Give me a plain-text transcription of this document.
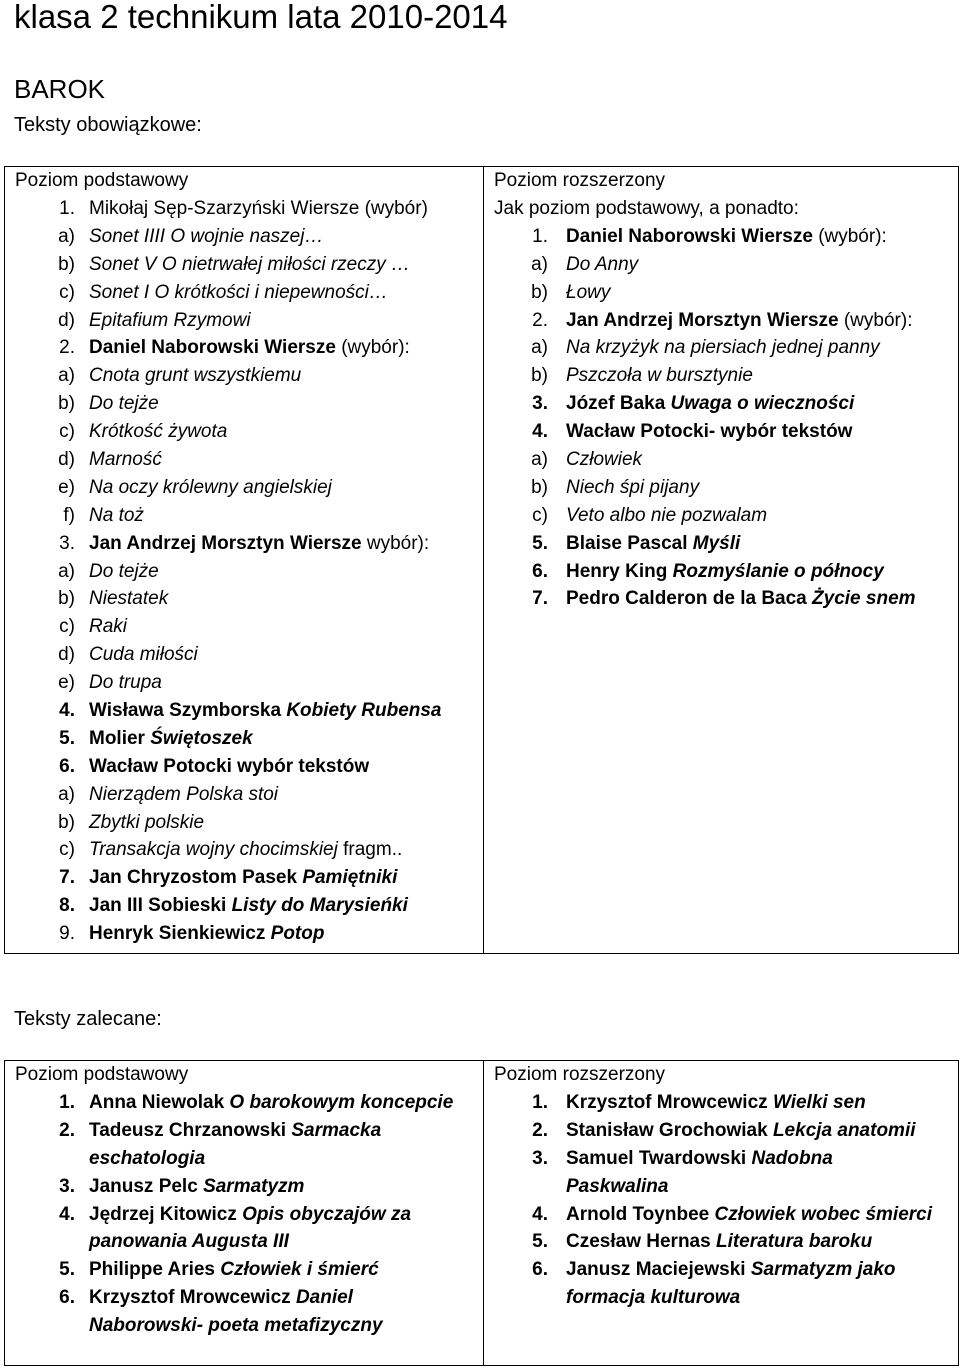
klasa 2 technikum lata 2010-2014
BAROK
Teksty obowiązkowe:
Poziom podstawowy
1. Mikołaj Sęp-Szarzyński Wiersze (wybór)
a) Sonet IIII O wojnie naszej…
b) Sonet V O nietrwałej miłości rzeczy …
c) Sonet I O krótkości i niepewności…
d) Epitafium Rzymowi
2. Daniel Naborowski Wiersze (wybór):
a) Cnota grunt wszystkiemu
b) Do tejże
c) Krótkość żywota
d) Marność
e) Na oczy królewny angielskiej
f) Na toż
3. Jan Andrzej Morsztyn Wiersze wybór):
a) Do tejże
b) Niestatek
c) Raki
d) Cuda miłości
e) Do trupa
4. Wisława Szymborska Kobiety Rubensa
5. Molier Świętoszek
6. Wacław Potocki wybór tekstów
a) Nierządem Polska stoi
b) Zbytki polskie
c) Transakcja wojny chocimskiej fragm..
7. Jan Chryzostom Pasek Pamiętniki
8. Jan III Sobieski Listy do Marysieńki
9. Henryk Sienkiewicz Potop

Poziom rozszerzony
Jak poziom podstawowy, a ponadto:
1. Daniel Naborowski Wiersze (wybór):
a) Do Anny
b) Łowy
2. Jan Andrzej Morsztyn Wiersze (wybór):
a) Na krzyżyk na piersiach jednej panny
b) Pszczoła w bursztynie
3. Józef Baka Uwaga o wieczności
4. Wacław Potocki- wybór tekstów
a) Człowiek
b) Niech śpi pijany
c) Veto albo nie pozwalam
5. Blaise Pascal Myśli
6. Henry King Rozmyślanie o północy
7. Pedro Calderon de la Baca Życie snem
Teksty zalecane:
Poziom podstawowy
1. Anna Niewolak O barokowym koncepcie
2. Tadeusz Chrzanowski Sarmacka
eschatologia
3. Janusz Pelc Sarmatyzm
4. Jędrzej Kitowicz Opis obyczajów za
panowania Augusta III
5. Philippe Aries Człowiek i śmierć
6. Krzysztof Mrowcewicz Daniel
Naborowski- poeta metafizyczny

Poziom rozszerzony
1. Krzysztof Mrowcewicz Wielki sen
2. Stanisław Grochowiak Lekcja anatomii
3. Samuel Twardowski Nadobna
Paskwalina
4. Arnold Toynbee Człowiek wobec śmierci
5. Czesław Hernas Literatura baroku
6. Janusz Maciejewski Sarmatyzm jako
formacja kulturowa
